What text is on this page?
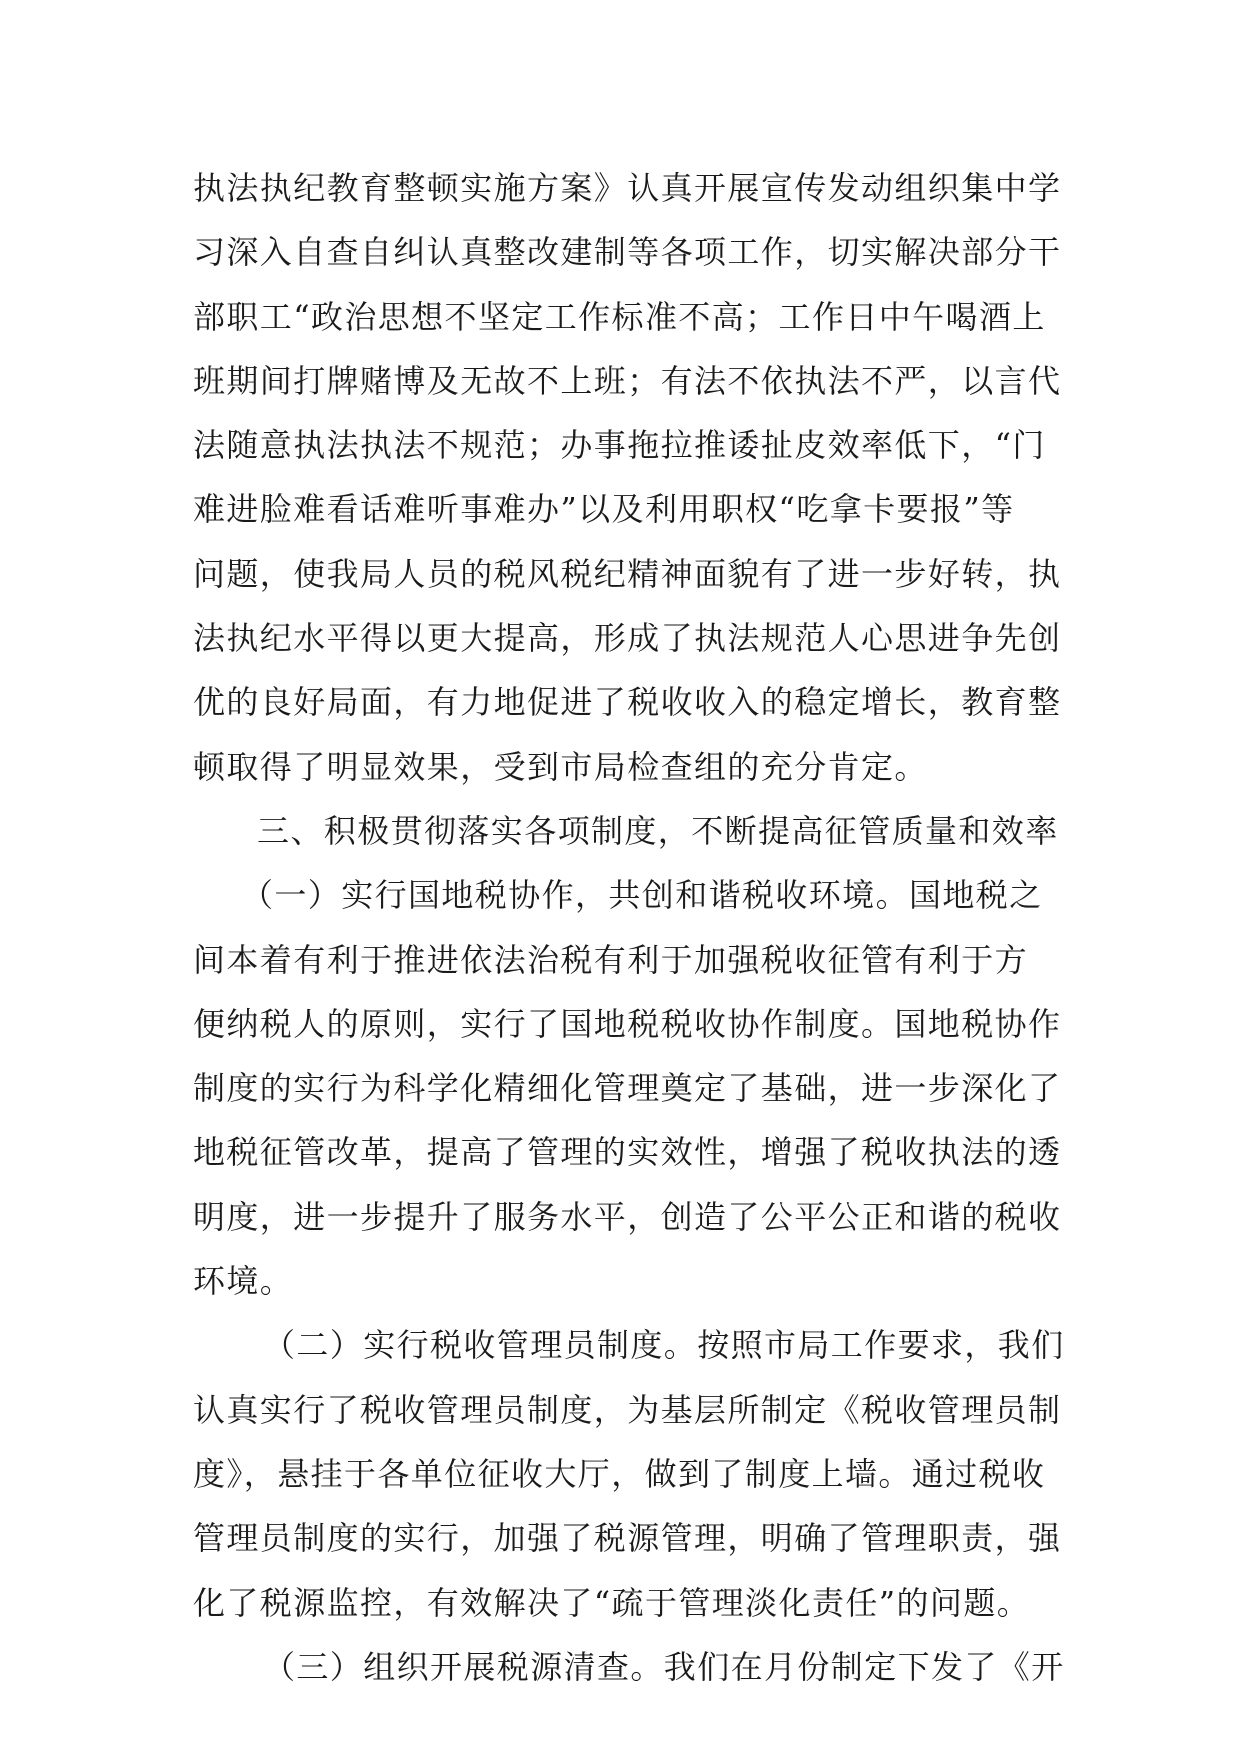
执法执纪教育整顿实施方案》认真开展宣传发动组织集中学
习深入自查自纠认真整改建制等各项工作，切实解决部分干
部职工“政治思想不坚定工作标准不高；工作日中午喝酒上
班期间打牌赌博及无故不上班；有法不依执法不严，以言代
法随意执法执法不规范；办事拖拉推诿扯皮效率低下，“门
难进脸难看话难听事难办”以及利用职权“吃拿卡要报”等
问题，使我局人员的税风税纪精神面貌有了进一步好转，执
法执纪水平得以更大提高，形成了执法规范人心思进争先创
优的良好局面，有力地促进了税收收入的稳定增长，教育整
顿取得了明显效果，受到市局检查组的充分肯定。
三、积极贯彻落实各项制度，不断提高征管质量和效率
（一）实行国地税协作，共创和谐税收环境。国地税之
间本着有利于推进依法治税有利于加强税收征管有利于方
便纳税人的原则，实行了国地税税收协作制度。国地税协作
制度的实行为科学化精细化管理奠定了基础，进一步深化了
地税征管改革，提高了管理的实效性，增强了税收执法的透
明度，进一步提升了服务水平，创造了公平公正和谐的税收
环境。
（二）实行税收管理员制度。按照市局工作要求，我们
认真实行了税收管理员制度，为基层所制定《税收管理员制
度》，悬挂于各单位征收大厅，做到了制度上墙。通过税收
管理员制度的实行，加强了税源管理，明确了管理职责，强
化了税源监控，有效解决了“疏于管理淡化责任”的问题。
（三）组织开展税源清查。我们在月份制定下发了《开
